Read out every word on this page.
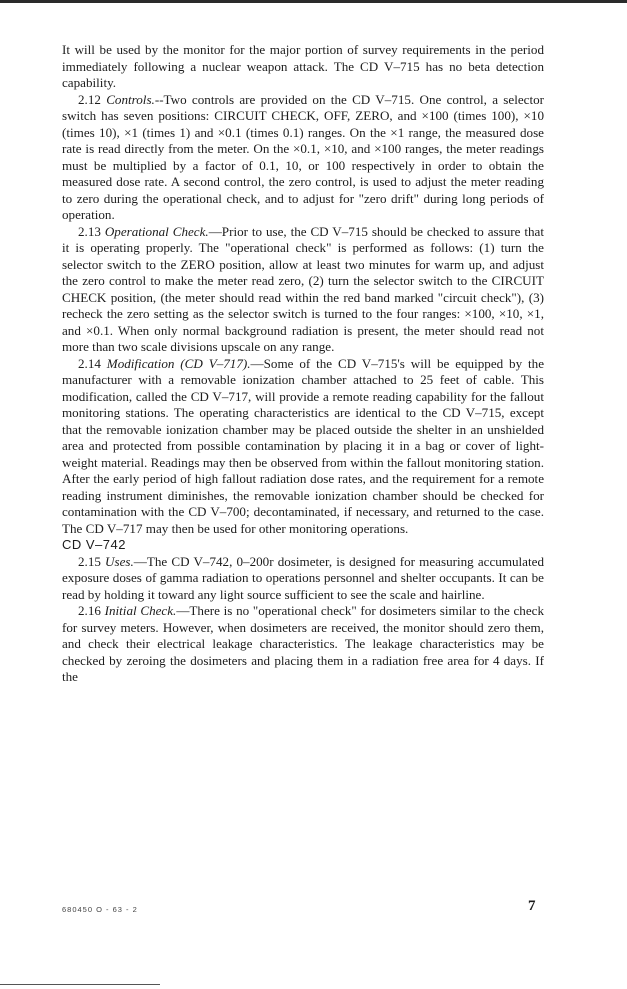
It will be used by the monitor for the major portion of survey requirements in the period immediately following a nuclear weapon attack. The CD V–715 has no beta detection capability.

2.12 Controls.--Two controls are provided on the CD V–715. One control, a selector switch has seven positions: CIRCUIT CHECK, OFF, ZERO, and ×100 (times 100), ×10 (times 10), ×1 (times 1) and ×0.1 (times 0.1) ranges. On the ×1 range, the measured dose rate is read directly from the meter. On the ×0.1, ×10, and ×100 ranges, the meter readings must be multiplied by a factor of 0.1, 10, or 100 respectively in order to obtain the measured dose rate. A second control, the zero control, is used to adjust the meter reading to zero during the operational check, and to adjust for "zero drift" during long periods of operation.

2.13 Operational Check.—Prior to use, the CD V–715 should be checked to assure that it is operating properly. The "operational check" is performed as follows: (1) turn the selector switch to the ZERO position, allow at least two minutes for warm up, and adjust the zero control to make the meter read zero, (2) turn the selector switch to the CIRCUIT CHECK position, (the meter should read within the red band marked "circuit check"), (3) recheck the zero setting as the selector switch is turned to the four ranges: ×100, ×10, ×1, and ×0.1. When only normal background radiation is present, the meter should read not more than two scale divisions upscale on any range.

2.14 Modification (CD V–717).—Some of the CD V–715's will be equipped by the manufacturer with a removable ionization chamber attached to 25 feet of cable. This modification, called the CD V–717, will provide a remote reading capability for the fallout monitoring stations. The operating characteristics are identical to the CD V–715, except that the removable ionization chamber may be placed outside the shelter in an unshielded area and protected from possible contamination by placing it in a bag or cover of light-weight material. Readings may then be observed from within the fallout monitoring station. After the early period of high fallout radiation dose rates, and the requirement for a remote reading instrument diminishes, the removable ionization chamber should be checked for contamination with the CD V–700; decontaminated, if necessary, and returned to the case. The CD V–717 may then be used for other monitoring operations.

CD V–742

2.15 Uses.—The CD V–742, 0–200r dosimeter, is designed for measuring accumulated exposure doses of gamma radiation to operations personnel and shelter occupants. It can be read by holding it toward any light source sufficient to see the scale and hairline.

2.16 Initial Check.—There is no "operational check" for dosimeters similar to the check for survey meters. However, when dosimeters are received, the monitor should zero them, and check their electrical leakage characteristics. The leakage characteristics may be checked by zeroing the dosimeters and placing them in a radiation free area for 4 days. If the

680450 O - 63 - 2	7
